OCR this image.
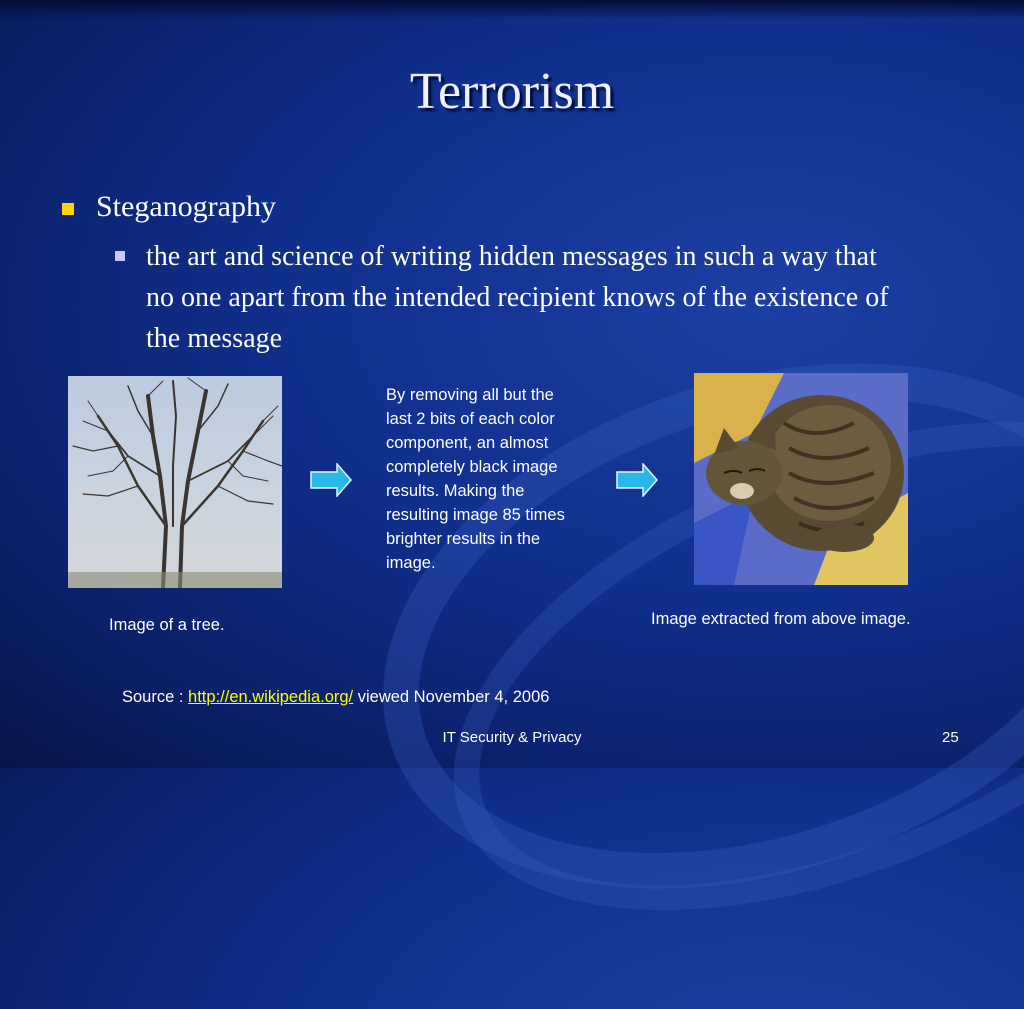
Terrorism
Steganography
the art and science of writing hidden messages in such a way that no one apart from the intended recipient knows of the existence of the message
By removing all but the last 2 bits of each color component, an almost completely black image results. Making the resulting image 85 times brighter results in the image.
Image of a tree.	Image extracted from above image.
Source : http://en.wikipedia.org/ viewed November 4, 2006
IT Security & Privacy	25
